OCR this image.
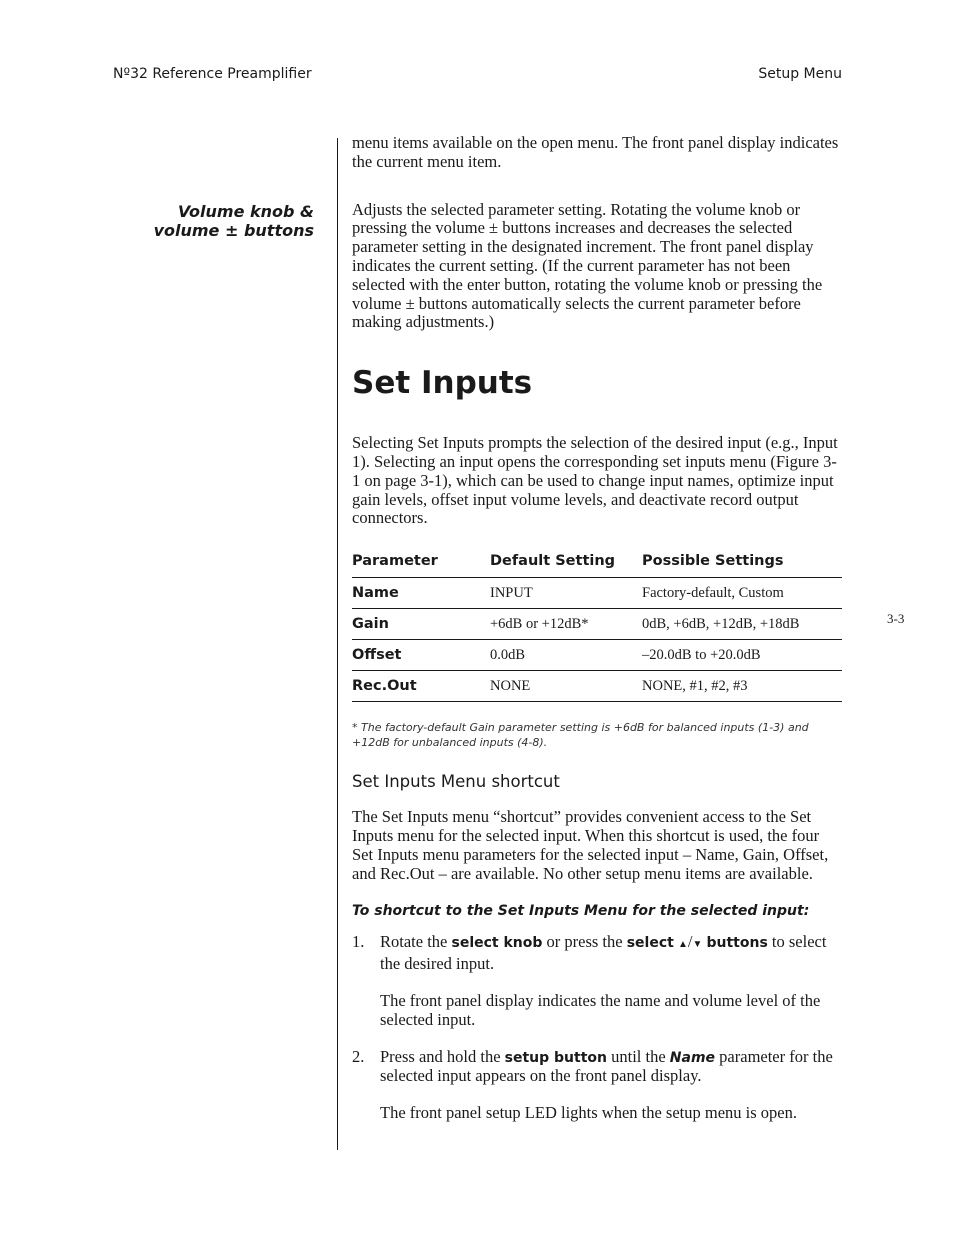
Nº32 Reference Preamplifier	Setup Menu
3-3
Volume knob &
volume ± buttons

menu items available on the open menu. The front panel display indicates the current menu item.

Adjusts the selected parameter setting. Rotating the volume knob or pressing the volume ± buttons increases and decreases the selected parameter setting in the designated increment. The front panel display indicates the current setting. (If the current parameter has not been selected with the enter button, rotating the volume knob or pressing the volume ± buttons automatically selects the current parameter before making adjustments.)

Set Inputs

Selecting Set Inputs prompts the selection of the desired input (e.g., Input 1). Selecting an input opens the corresponding set inputs menu (Figure 3-1 on page 3-1), which can be used to change input names, optimize input gain levels, offset input volume levels, and deactivate record output connectors.

Parameter	Default Setting	Possible Settings
Name	INPUT	Factory-default, Custom
Gain	+6dB or +12dB*	0dB, +6dB, +12dB, +18dB
Offset	0.0dB	–20.0dB to +20.0dB
Rec.Out	NONE	NONE, #1, #2, #3
* The factory-default Gain parameter setting is +6dB for balanced inputs (1-3) and +12dB for unbalanced inputs (4-8).
Set Inputs Menu shortcut

The Set Inputs menu “shortcut” provides convenient access to the Set Inputs menu for the selected input. When this shortcut is used, the four Set Inputs menu parameters for the selected input – Name, Gain, Offset, and Rec.Out – are available. No other setup menu items are available.

To shortcut to the Set Inputs Menu for the selected input:

1. Rotate the select knob or press the select ▲/▼ buttons to select the desired input.

The front panel display indicates the name and volume level of the selected input.

2. Press and hold the setup button until the Name parameter for the selected input appears on the front panel display.

The front panel setup LED lights when the setup menu is open.
